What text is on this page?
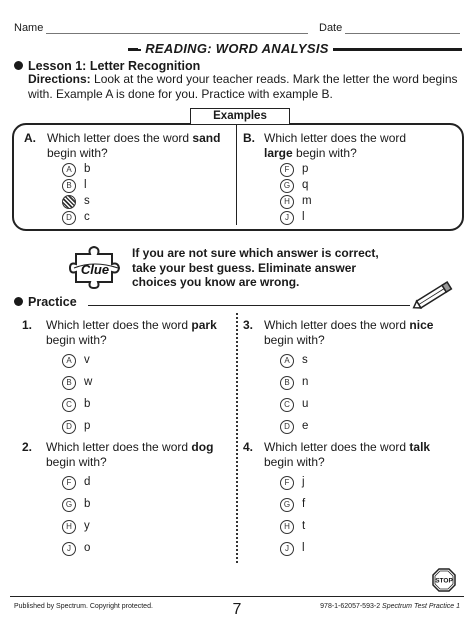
Name	Date
READING: WORD ANALYSIS
Lesson 1: Letter Recognition
Directions: Look at the word your teacher reads. Mark the letter the word begins
with. Example A is done for you. Practice with example B.
Examples
A. Which letter does the word sand
begin with?
A	b
B	l
s
D	c
B. Which letter does the word
large begin with?
F	p
G	q
H	m
J	l
Clue
If you are not sure which answer is correct,
take your best guess. Eliminate answer
choices you know are wrong.
Practice
1. Which letter does the word park
begin with?
A	v
B	w
C	b
D	p
2. Which letter does the word dog
begin with?
F	d
G	b
H	y
J	o
3. Which letter does the word nice
begin with?
A	s
B	n
C	u
D	e
4. Which letter does the word talk
begin with?
F	j
G	f
H	t
J	l
STOP
Published by Spectrum. Copyright protected.	7	978-1-62057-593-2 Spectrum Test Practice 1
